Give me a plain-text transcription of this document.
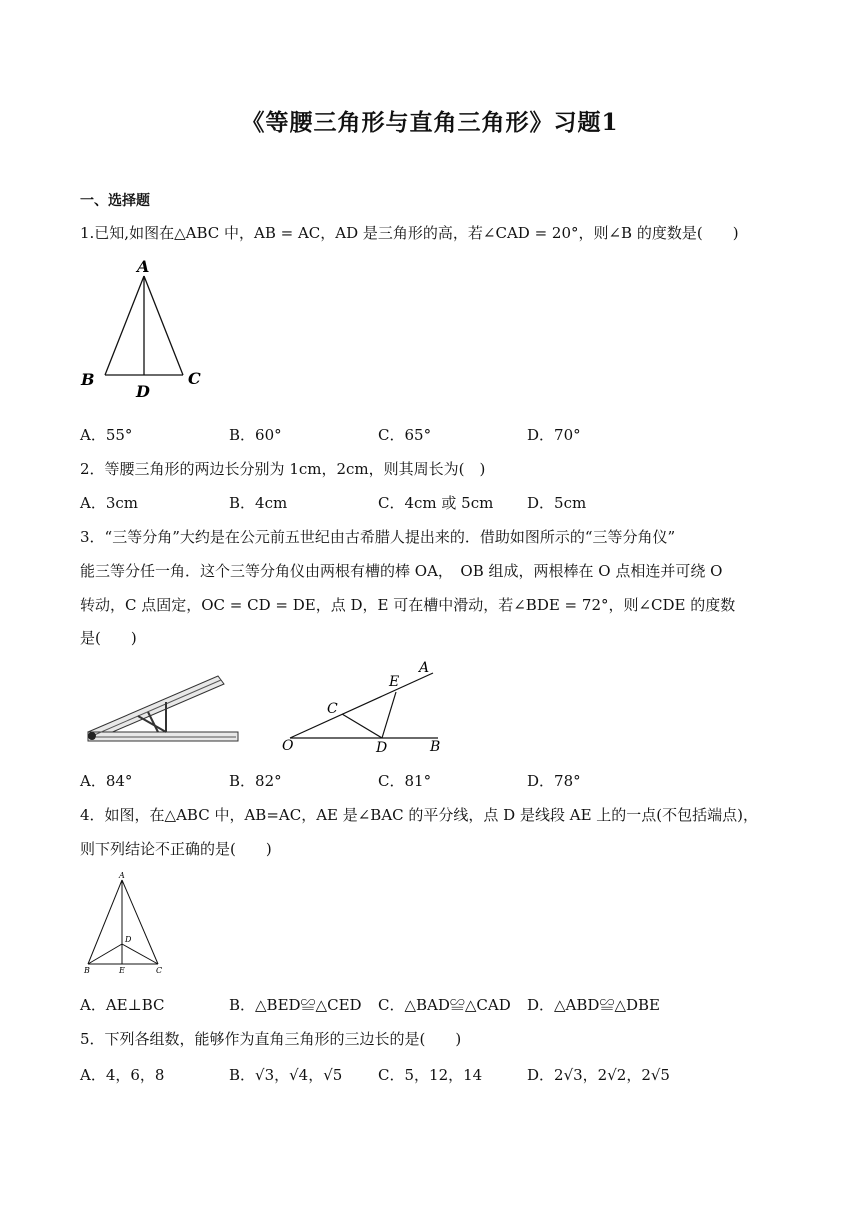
《等腰三角形与直角三角形》习题1
一、选择题
1.已知,如图在△ABC 中，AB = AC，AD 是三角形的高，若∠CAD = 20°，则∠B 的度数是(　　)
A
B	C
D
A．55°	B．60°	C．65°	D．70°
2．等腰三角形的两边长分别为 1cm，2cm，则其周长为(　)
A．3cm	B．4cm	C．4cm 或 5cm D．5cm
3．“三等分角”大约是在公元前五世纪由古希腊人提出来的．借助如图所示的“三等分角仪”
能三等分任一角．这个三等分角仪由两根有槽的棒 OA，　OB 组成，两根棒在 O 点相连并可绕 O
转动，C 点固定，OC = CD = DE，点 D，E 可在槽中滑动，若∠BDE = 72°，则∠CDE 的度数
是(　　)
O
C
D	B
E
A
A．84°	B．82°	C．81°	D．78°
4．如图，在△ABC 中，AB=AC，AE 是∠BAC 的平分线，点 D 是线段 AE 上的一点(不包括端点)，
则下列结论不正确的是(　　)
A
D
B	E	C
A．AE⊥BC	B．△BED≌△CED C．△BAD≌△CAD D．△ABD≌△DBE
5．下列各组数，能够作为直角三角形的三边长的是(　　)
A．4，6，8	B．√3，√4，√5 C．5，12，14	D．2√3，2√2，2√5
